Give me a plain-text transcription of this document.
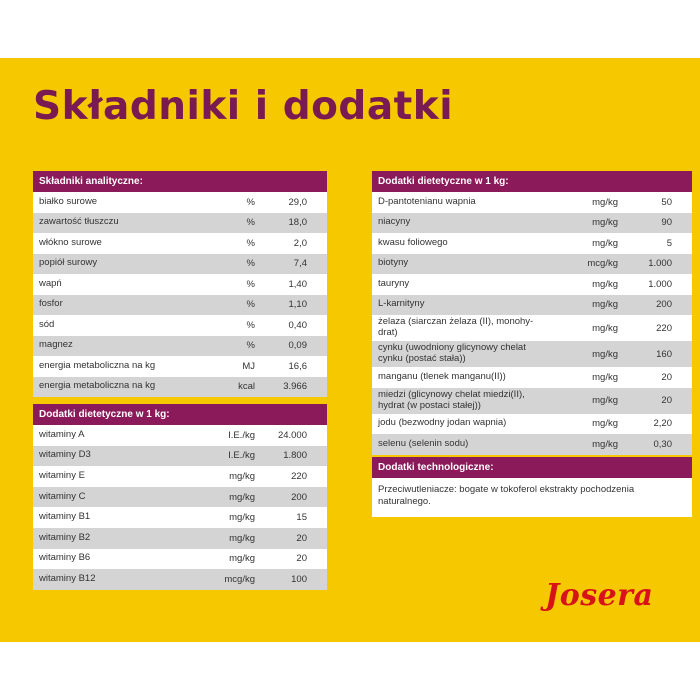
Składniki i dodatki
Składniki analityczne:
białko surowe	%	29,0
zawartość tłuszczu	%	18,0
włókno surowe	%	2,0
popiół surowy	%	7,4
wapń	%	1,40
fosfor	%	1,10
sód	%	0,40
magnez	%	0,09
energia metaboliczna na kg	MJ	16,6
energia metaboliczna na kg	kcal	3.966
Dodatki dietetyczne w 1 kg:
witaminy A	I.E./kg	24.000
witaminy D3	I.E./kg	1.800
witaminy E	mg/kg	220
witaminy C	mg/kg	200
witaminy B1	mg/kg	15
witaminy B2	mg/kg	20
witaminy B6	mg/kg	20
witaminy B12	mcg/kg	100
Dodatki dietetyczne w 1 kg:
D-pantotenianu wapnia	mg/kg	50
niacyny	mg/kg	90
kwasu foliowego	mg/kg	5
biotyny	mcg/kg	1.000
tauryny	mg/kg	1.000
L-karnityny	mg/kg	200
żelaza (siarczan żelaza (II), monohy-
drat)	mg/kg	220
cynku (uwodniony glicynowy chelat
cynku (postać stała))	mg/kg	160
manganu (tlenek manganu(II))	mg/kg	20
miedzi (glicynowy chelat miedzi(II),
hydrat (w postaci stałej))	mg/kg	20
jodu (bezwodny jodan wapnia)	mg/kg	2,20
selenu (selenin sodu)	mg/kg	0,30
Dodatki technologiczne:
Przeciwutleniacze: bogate w tokoferol ekstrakty pochodzenia naturalnego.
Josera
